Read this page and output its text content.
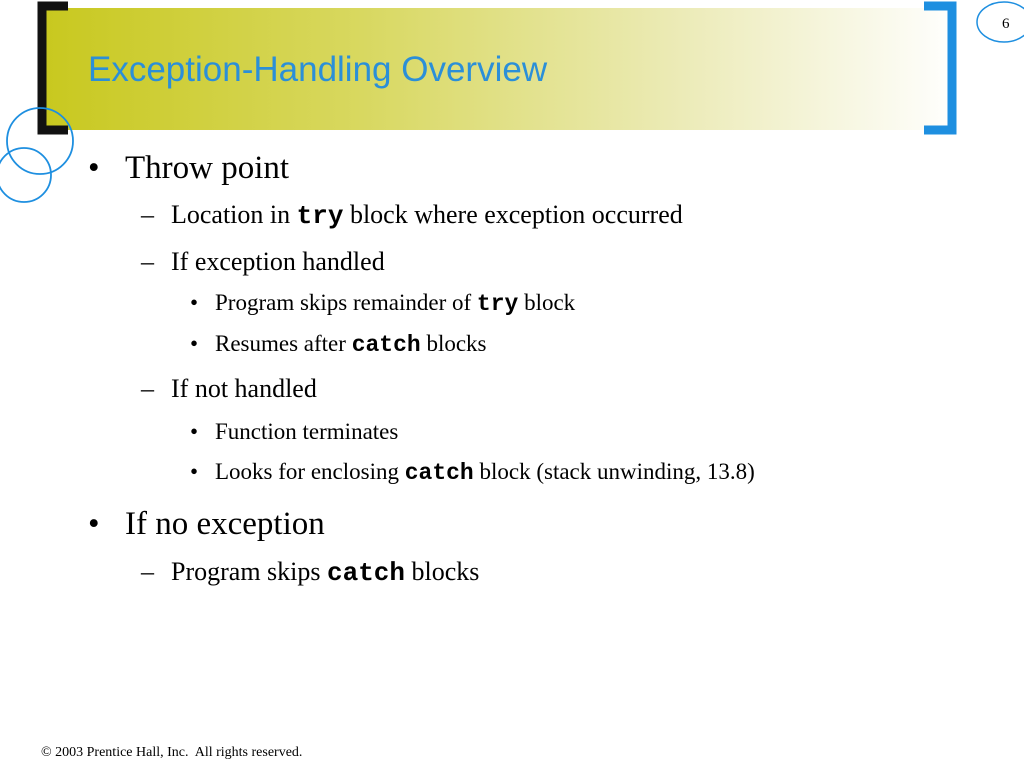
6
Exception-Handling Overview
• Throw point
– Location in try block where exception occurred
– If exception handled
• Program skips remainder of try block
• Resumes after catch blocks
– If not handled
• Function terminates
• Looks for enclosing catch block (stack unwinding, 13.8)
• If no exception
– Program skips catch blocks
© 2003 Prentice Hall, Inc.  All rights reserved.
